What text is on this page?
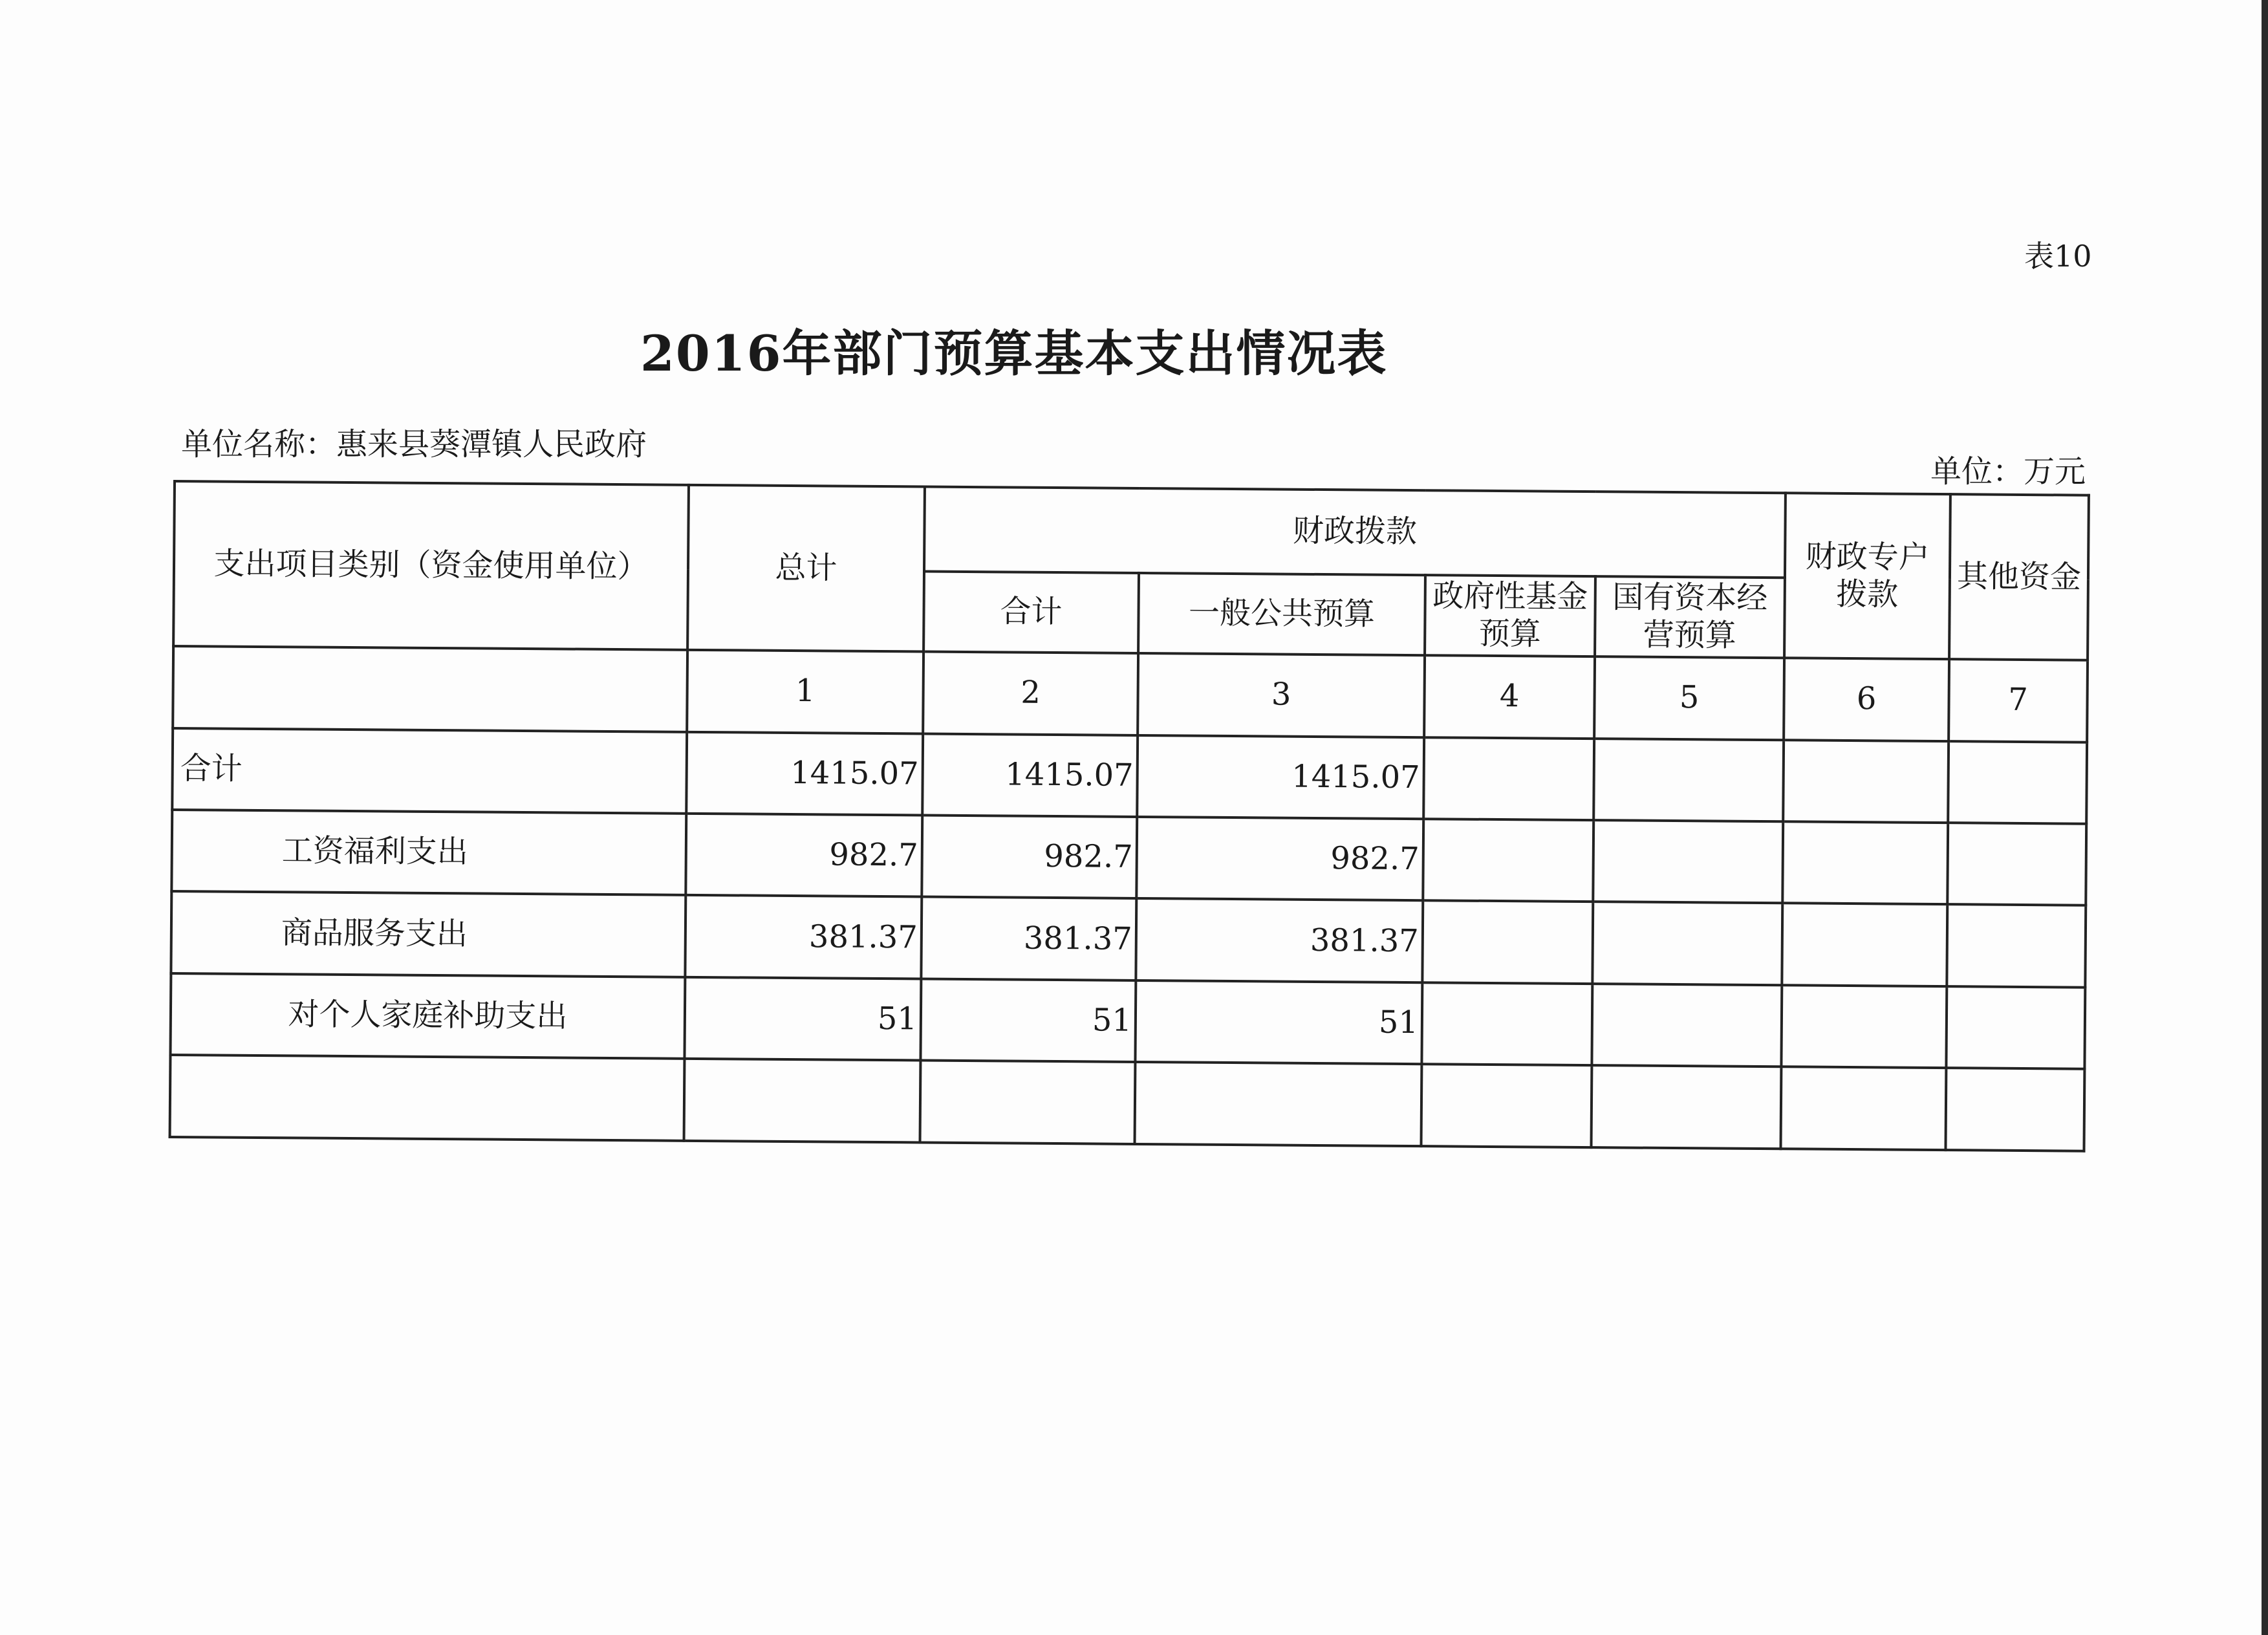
表10
2016年部门预算基本支出情况表
单位名称：惠来县葵潭镇人民政府
单位：万元
支出项目类别（资金使用单位）	总计	财政拨款				财政专户拨款	其他资金
		合计	一般公共预算	政府性基金预算	国有资本经营预算		
	1	2	3	4	5	6	7
合计	1415.07	1415.07	1415.07				
工资福利支出	982.7	982.7	982.7				
商品服务支出	381.37	381.37	381.37				
对个人家庭补助支出	51	51	51				
